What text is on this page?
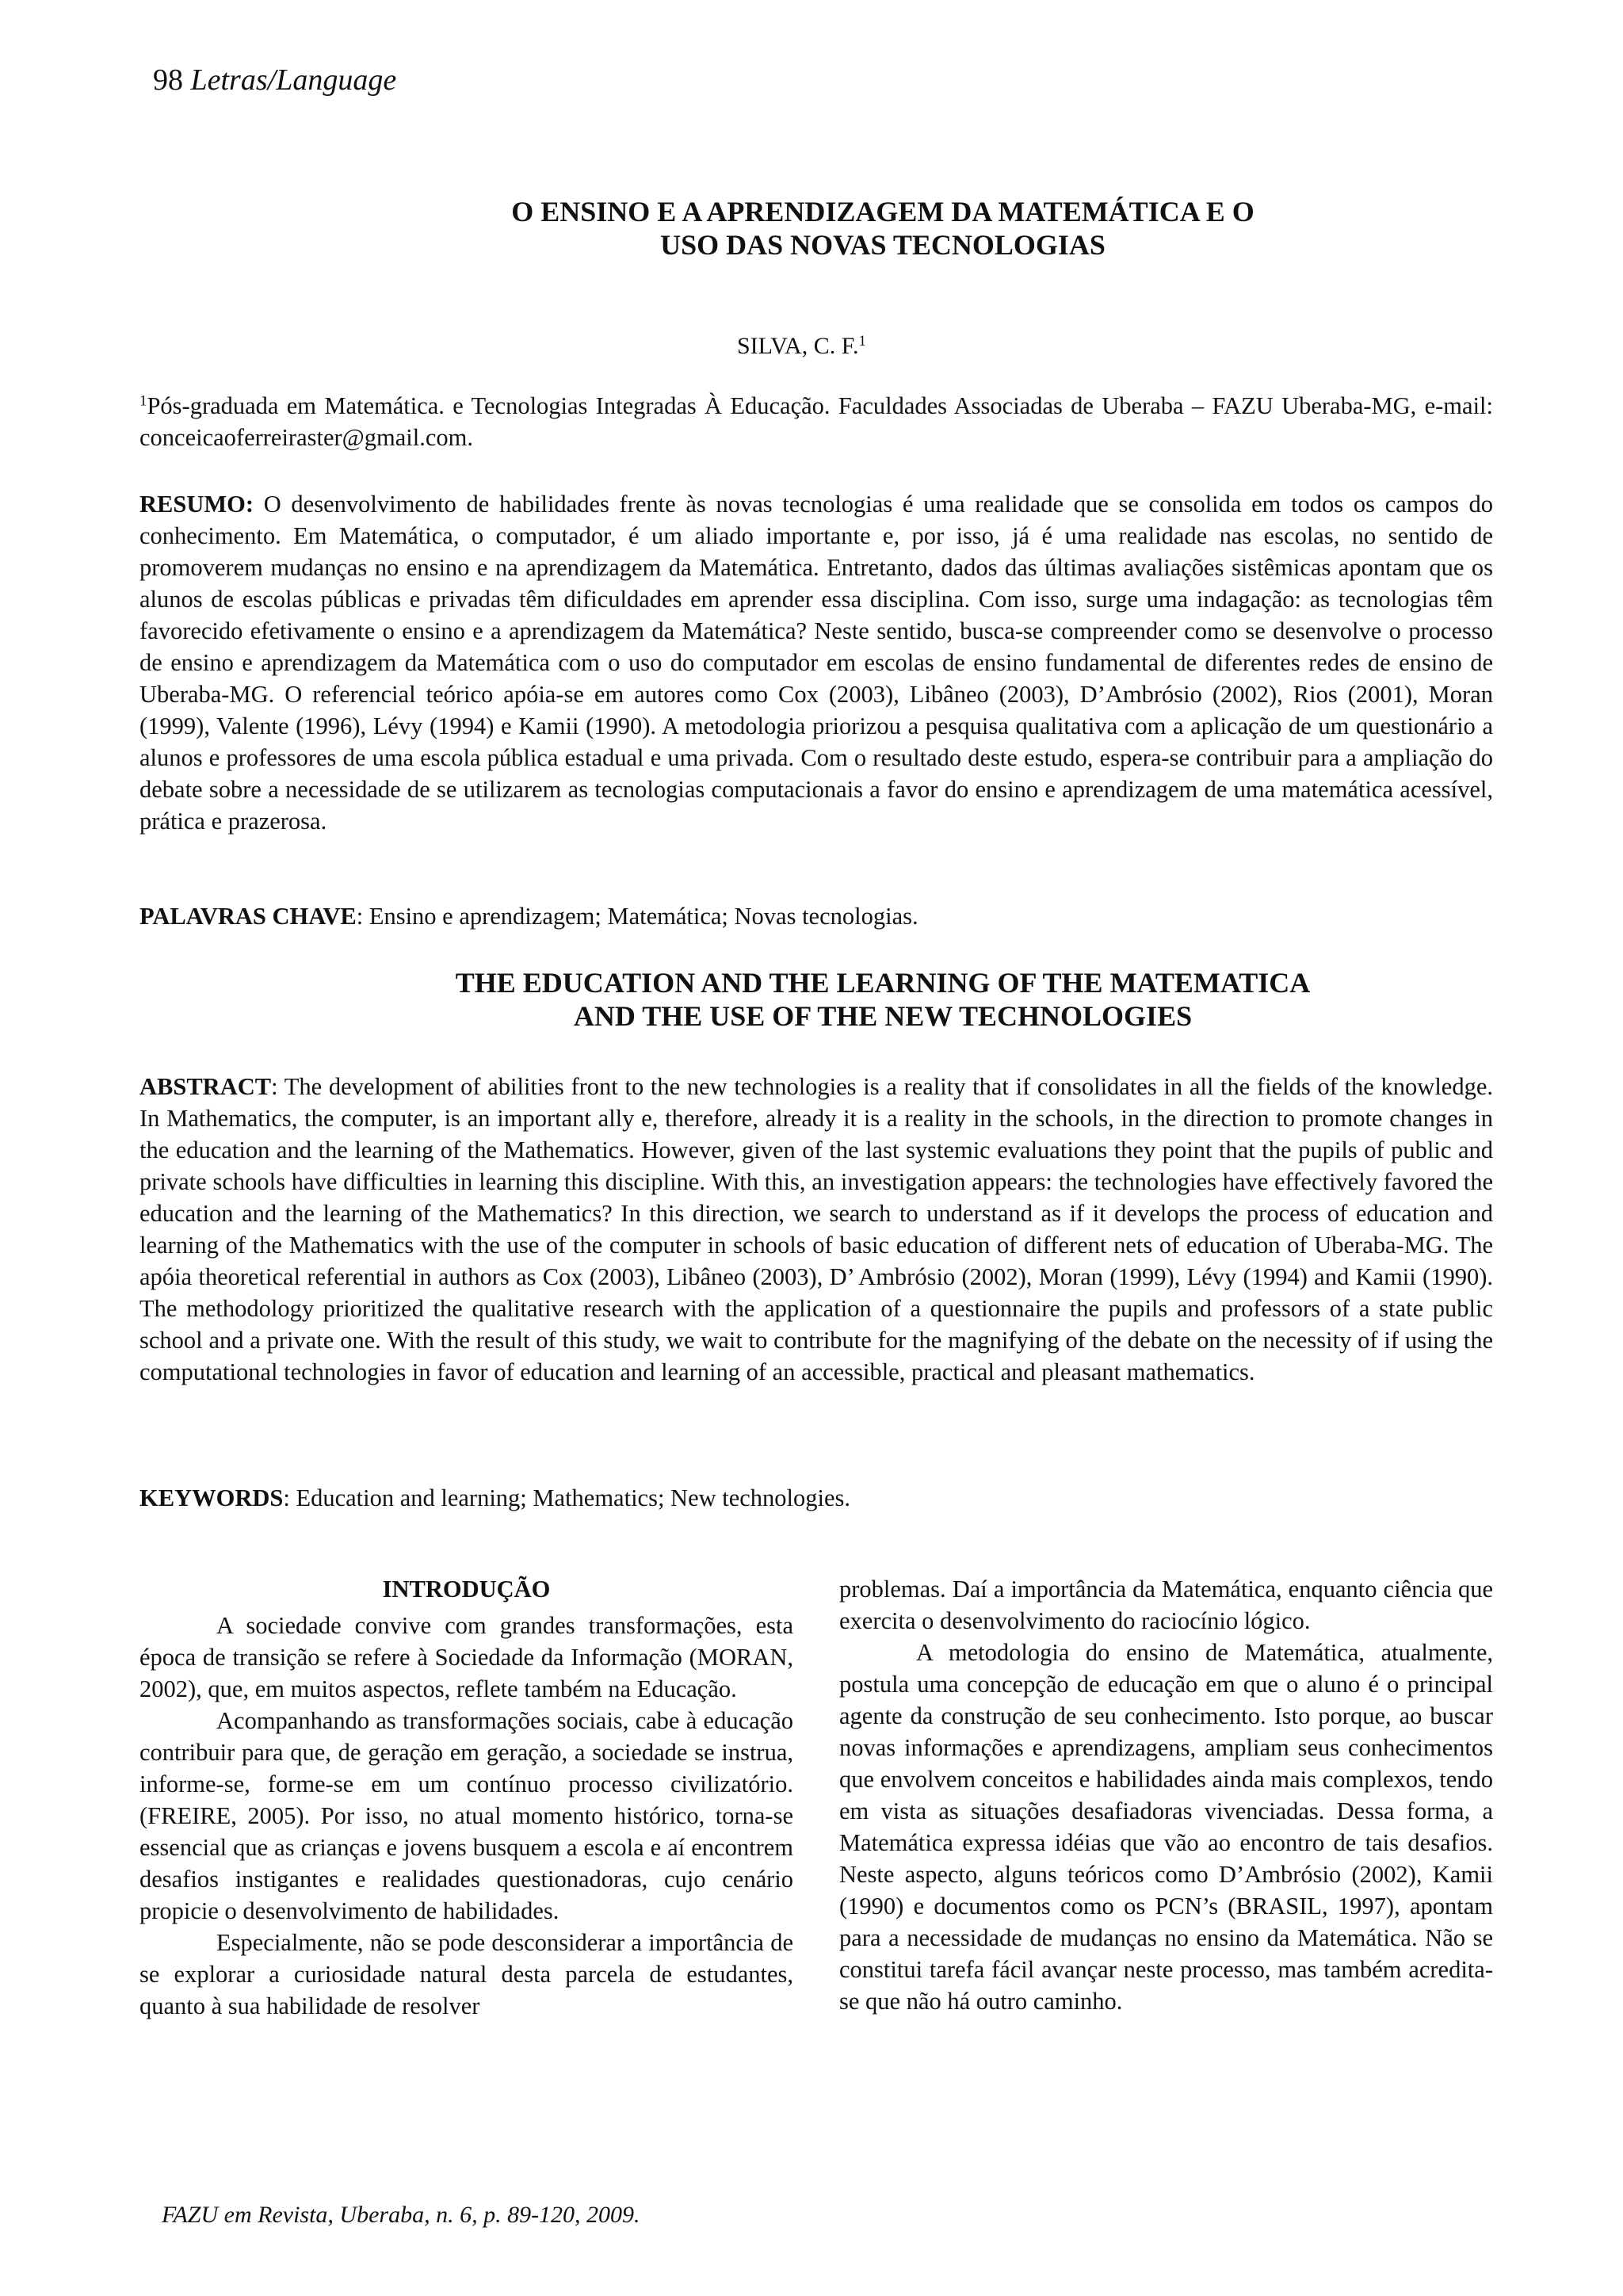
98 Letras/Language
O ENSINO E A APRENDIZAGEM DA MATEMÁTICA E O
USO DAS NOVAS TECNOLOGIAS
SILVA, C. F.$^1$

$^1$Pós-graduada em Matemática. e Tecnologias Integradas À Educação. Faculdades Associadas de Uberaba – FAZU Uberaba-MG, e-mail: conceicaoferreiraster@gmail.com.

RESUMO: O desenvolvimento de habilidades frente às novas tecnologias é uma realidade que se consolida em todos os campos do conhecimento. Em Matemática, o computador, é um aliado importante e, por isso, já é uma realidade nas escolas, no sentido de promoverem mudanças no ensino e na aprendizagem da Matemática. Entretanto, dados das últimas avaliações sistêmicas apontam que os alunos de escolas públicas e privadas têm dificuldades em aprender essa disciplina. Com isso, surge uma indagação: as tecnologias têm favorecido efetivamente o ensino e a aprendizagem da Matemática? Neste sentido, busca-se compreender como se desenvolve o processo de ensino e aprendizagem da Matemática com o uso do computador em escolas de ensino fundamental de diferentes redes de ensino de Uberaba-MG. O referencial teórico apóia-se em autores como Cox (2003), Libâneo (2003), D’Ambrósio (2002), Rios (2001), Moran (1999), Valente (1996), Lévy (1994) e Kamii (1990). A metodologia priorizou a pesquisa qualitativa com a aplicação de um questionário a alunos e professores de uma escola pública estadual e uma privada. Com o resultado deste estudo, espera-se contribuir para a ampliação do debate sobre a necessidade de se utilizarem as tecnologias computacionais a favor do ensino e aprendizagem de uma matemática acessível, prática e prazerosa.

PALAVRAS CHAVE: Ensino e aprendizagem; Matemática; Novas tecnologias.

THE EDUCATION AND THE LEARNING OF THE MATEMATICA
AND THE USE OF THE NEW TECHNOLOGIES

ABSTRACT: The development of abilities front to the new technologies is a reality that if consolidates in all the fields of the knowledge. In Mathematics, the computer, is an important ally e, therefore, already it is a reality in the schools, in the direction to promote changes in the education and the learning of the Mathematics. However, given of the last systemic evaluations they point that the pupils of public and private schools have difficulties in learning this discipline. With this, an investigation appears: the technologies have effectively favored the education and the learning of the Mathematics? In this direction, we search to understand as if it develops the process of education and learning of the Mathematics with the use of the computer in schools of basic education of different nets of education of Uberaba-MG. The apóia theoretical referential in authors as Cox (2003), Libâneo (2003), D’ Ambrósio (2002), Moran (1999), Lévy (1994) and Kamii (1990). The methodology prioritized the qualitative research with the application of a questionnaire the pupils and professors of a state public school and a private one. With the result of this study, we wait to contribute for the magnifying of the debate on the necessity of if using the computational technologies in favor of education and learning of an accessible, practical and pleasant mathematics.

KEYWORDS: Education and learning; Mathematics; New technologies.

INTRODUÇÃO

A sociedade convive com grandes transformações, esta época de transição se refere à Sociedade da Informação (MORAN, 2002), que, em muitos aspectos, reflete também na Educação.

Acompanhando as transformações sociais, cabe à educação contribuir para que, de geração em geração, a sociedade se instrua, informe-se, forme-se em um contínuo processo civilizatório. (FREIRE, 2005). Por isso, no atual momento histórico, torna-se essencial que as crianças e jovens busquem a escola e aí encontrem desafios instigantes e realidades questionadoras, cujo cenário propicie o desenvolvimento de habilidades.

Especialmente, não se pode desconsiderar a importância de se explorar a curiosidade natural desta parcela de estudantes, quanto à sua habilidade de resolver

problemas. Daí a importância da Matemática, enquanto ciência que exercita o desenvolvimento do raciocínio lógico.

A metodologia do ensino de Matemática, atualmente, postula uma concepção de educação em que o aluno é o principal agente da construção de seu conhecimento. Isto porque, ao buscar novas informações e aprendizagens, ampliam seus conhecimentos que envolvem conceitos e habilidades ainda mais complexos, tendo em vista as situações desafiadoras vivenciadas. Dessa forma, a Matemática expressa idéias que vão ao encontro de tais desafios. Neste aspecto, alguns teóricos como D’Ambrósio (2002), Kamii (1990) e documentos como os PCN’s (BRASIL, 1997), apontam para a necessidade de mudanças no ensino da Matemática. Não se constitui tarefa fácil avançar neste processo, mas também acredita-se que não há outro caminho.

FAZU em Revista, Uberaba, n. 6, p. 89-120, 2009.
